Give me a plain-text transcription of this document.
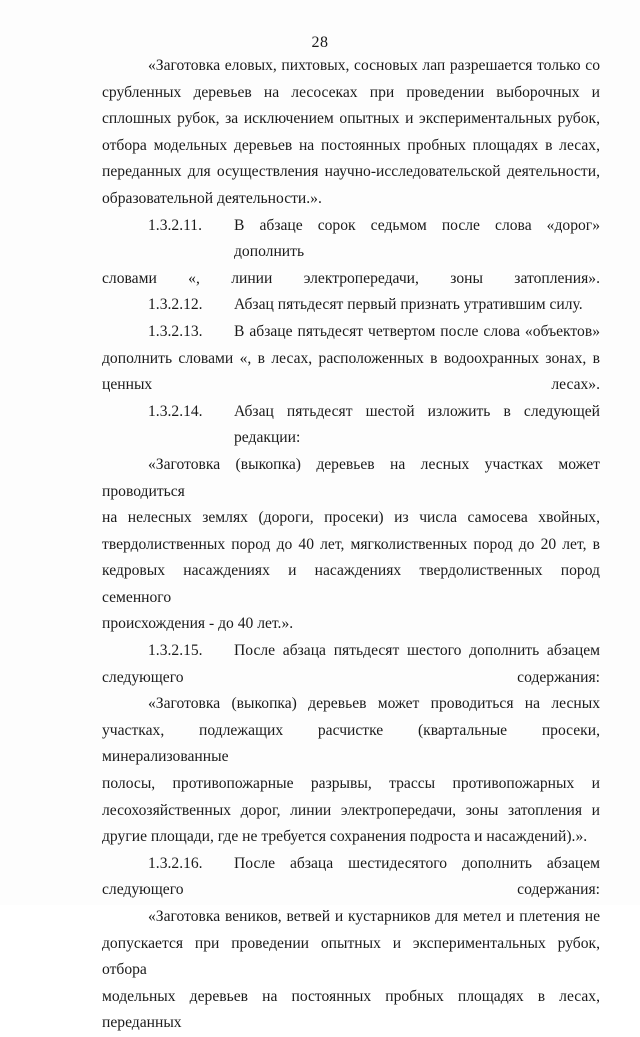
28

«Заготовка еловых, пихтовых, сосновых лап разрешается только со

срубленных деревьев на лесосеках при проведении выборочных и

сплошных рубок, за исключением опытных и экспериментальных рубок,

отбора модельных деревьев на постоянных пробных площадях в лесах,

переданных для осуществления научно-исследовательской деятельности,

образовательной деятельности.».

1.3.2.11.	В абзаце сорок седьмом после слова «дорог» дополнить

словами «, линии электропередачи, зоны затопления».

1.3.2.12.	Абзац пятьдесят первый признать утратившим силу.
1.3.2.13.	В абзаце пятьдесят четвертом после слова «объектов»

дополнить словами «, в лесах, расположенных в водоохранных зонах, в

ценных лесах».

1.3.2.14.	Абзац пятьдесят шестой изложить в следующей редакции:

«Заготовка (выкопка) деревьев на лесных участках может проводиться

на нелесных землях (дороги, просеки) из числа самосева хвойных,

твердолиственных пород до 40 лет, мягколиственных пород до 20 лет, в

кедровых насаждениях и насаждениях твердолиственных пород семенного

происхождения - до 40 лет.».

1.3.2.15.	После абзаца пятьдесят шестого дополнить абзацем

следующего содержания:

«Заготовка (выкопка) деревьев может проводиться на лесных

участках, подлежащих расчистке (квартальные просеки, минерализованные

полосы, противопожарные разрывы, трассы противопожарных и

лесохозяйственных дорог, линии электропередачи, зоны затопления и

другие площади, где не требуется сохранения подроста и насаждений).».

1.3.2.16.	После абзаца шестидесятого дополнить абзацем

следующего содержания:

«Заготовка веников, ветвей и кустарников для метел и плетения не

допускается при проведении опытных и экспериментальных рубок, отбора

модельных деревьев на постоянных пробных площадях в лесах, переданных
